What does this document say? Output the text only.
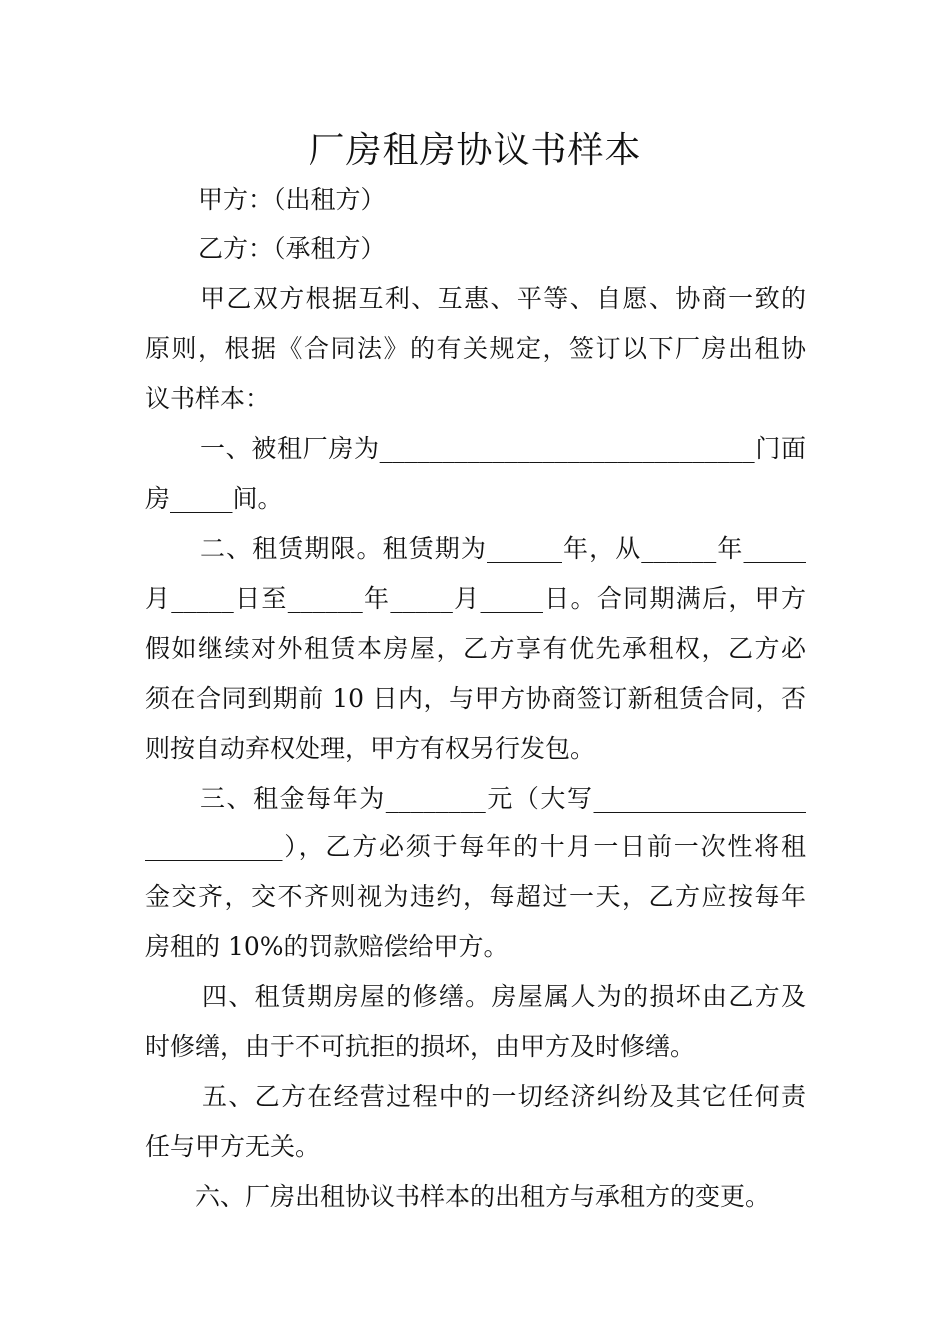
厂房租房协议书样本
甲方：（出租方）
乙方：（承租方）
甲乙双方根据互利、互惠、平等、自愿、协商一致的
原则，根据《合同法》的有关规定，签订以下厂房出租协
议书样本：
一、被租厂房为______________________________门面
房_____间。
二、租赁期限。租赁期为______年，从______年_____
月_____日至______年_____月_____日。合同期满后，甲方
假如继续对外租赁本房屋，乙方享有优先承租权，乙方必
须在合同到期前 10 日内，与甲方协商签订新租赁合同，否
则按自动弃权处理，甲方有权另行发包。
三、租金每年为________元（大写_________________
___________），乙方必须于每年的十月一日前一次性将租
金交齐，交不齐则视为违约，每超过一天，乙方应按每年
房租的 10%的罚款赔偿给甲方。
四、租赁期房屋的修缮。房屋属人为的损坏由乙方及
时修缮，由于不可抗拒的损坏，由甲方及时修缮。
五、乙方在经营过程中的一切经济纠纷及其它任何责
任与甲方无关。
六、厂房出租协议书样本的出租方与承租方的变更。
